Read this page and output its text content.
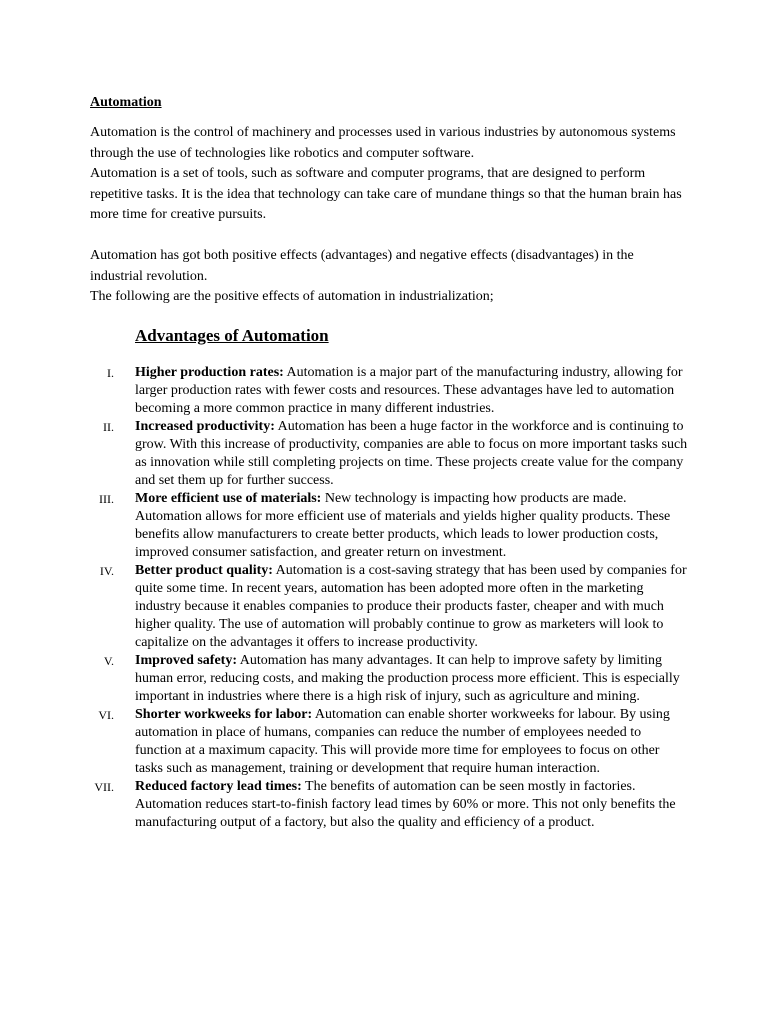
Automation

Automation is the control of machinery and processes used in various industries by autonomous systems through the use of technologies like robotics and computer software.

Automation is a set of tools, such as software and computer programs, that are designed to perform repetitive tasks. It is the idea that technology can take care of mundane things so that the human brain has more time for creative pursuits.

Automation has got both positive effects (advantages) and negative effects (disadvantages) in the industrial revolution.

The following are the positive effects of automation in industrialization;

Advantages of Automation
I. Higher production rates: Automation is a major part of the manufacturing industry, allowing for larger production rates with fewer costs and resources. These advantages have led to automation becoming a more common practice in many different industries.
II. Increased productivity: Automation has been a huge factor in the workforce and is continuing to grow. With this increase of productivity, companies are able to focus on more important tasks such as innovation while still completing projects on time. These projects create value for the company and set them up for further success.
III. More efficient use of materials: New technology is impacting how products are made. Automation allows for more efficient use of materials and yields higher quality products. These benefits allow manufacturers to create better products, which leads to lower production costs, improved consumer satisfaction, and greater return on investment.
IV. Better product quality: Automation is a cost-saving strategy that has been used by companies for quite some time. In recent years, automation has been adopted more often in the marketing industry because it enables companies to produce their products faster, cheaper and with much higher quality. The use of automation will probably continue to grow as marketers will look to capitalize on the advantages it offers to increase productivity.
V. Improved safety: Automation has many advantages. It can help to improve safety by limiting human error, reducing costs, and making the production process more efficient. This is especially important in industries where there is a high risk of injury, such as agriculture and mining.
VI. Shorter workweeks for labor: Automation can enable shorter workweeks for labour. By using automation in place of humans, companies can reduce the number of employees needed to function at a maximum capacity. This will provide more time for employees to focus on other tasks such as management, training or development that require human interaction.
VII. Reduced factory lead times: The benefits of automation can be seen mostly in factories. Automation reduces start-to-finish factory lead times by 60% or more. This not only benefits the manufacturing output of a factory, but also the quality and efficiency of a product.
